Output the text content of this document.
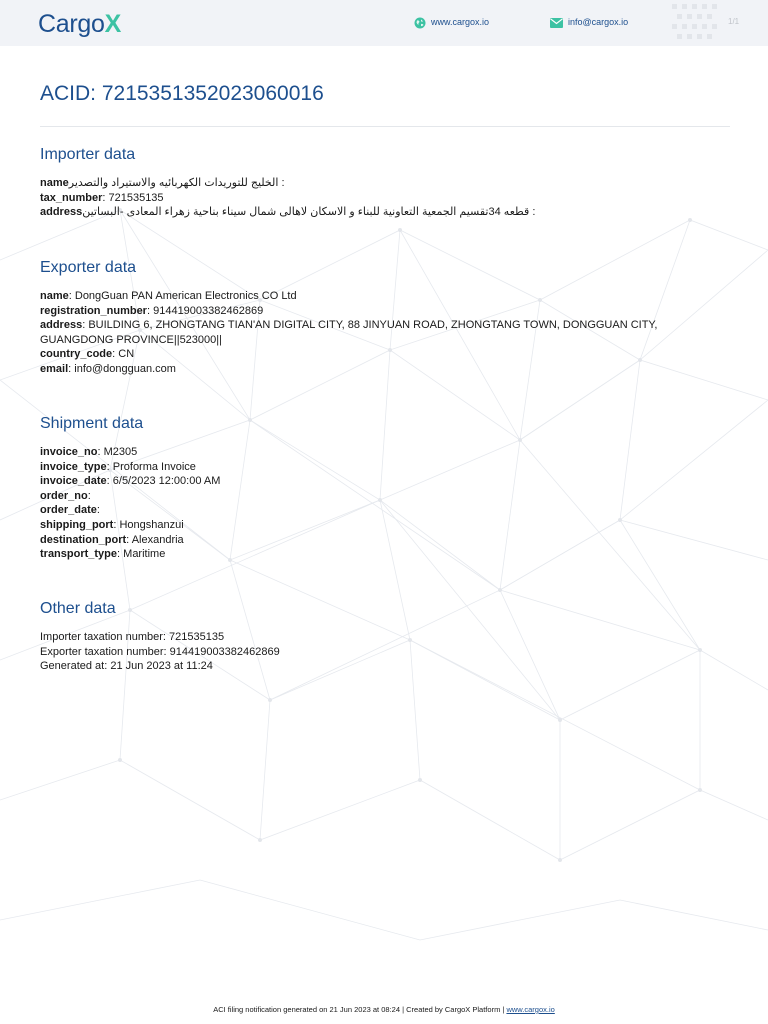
CargoX	www.cargox.io	info@cargox.io	1/1
ACID: 7215351352023060016
Importer data
nameالخليج للتوريدات الكهربائيه والاستيراد والتصدير :
tax_number: 721535135
addressقطعه 34تقسيم الجمعية التعاونية للبناء و الاسكان لاهالى شمال سيناء بناحية زهراء المعادى -البساتين :
Exporter data
name: DongGuan PAN American Electronics CO Ltd
registration_number: 914419003382462869
address: BUILDING 6, ZHONGTANG TIAN'AN DIGITAL CITY, 88 JINYUAN ROAD, ZHONGTANG TOWN, DONGGUAN CITY, GUANGDONG PROVINCE||523000||
country_code: CN
email: info@dongguan.com
Shipment data
invoice_no: M2305
invoice_type: Proforma Invoice
invoice_date: 6/5/2023 12:00:00 AM
order_no:
order_date:
shipping_port: Hongshanzui
destination_port: Alexandria
transport_type: Maritime
Other data
Importer taxation number: 721535135
Exporter taxation number: 914419003382462869
Generated at: 21 Jun 2023 at 11:24
ACI filing notification generated on 21 Jun 2023 at 08:24 | Created by CargoX Platform | www.cargox.io
